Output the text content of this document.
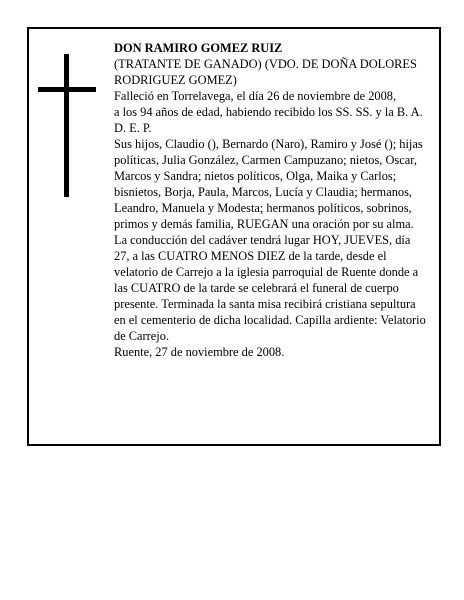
DON RAMIRO GOMEZ RUIZ

(TRATANTE DE GANADO) (VDO. DE DOÑA DOLORES RODRIGUEZ GOMEZ)

Falleció en Torrelavega, el día 26 de noviembre de 2008,

a los 94 años de edad, habiendo recibido los SS. SS. y la B. A.

D. E. P.

Sus hijos, Claudio (), Bernardo (Naro), Ramiro y José (); hijas políticas, Julia González, Carmen Campuzano; nietos, Oscar, Marcos y Sandra; nietos políticos, Olga, Maika y Carlos; bisnietos, Borja, Paula, Marcos, Lucía y Claudia; hermanos, Leandro, Manuela y Modesta; hermanos políticos, sobrinos, primos y demás familia, RUEGAN una oración por su alma. La conducción del cadáver tendrá lugar HOY, JUEVES, día 27, a las CUATRO MENOS DIEZ de la tarde, desde el velatorio de Carrejo a la iglesia parroquial de Ruente donde a las CUATRO de la tarde se celebrará el funeral de cuerpo presente. Terminada la santa misa recibirá cristiana sepultura en el cementerio de dicha localidad. Capilla ardiente: Velatorio de Carrejo.

Ruente, 27 de noviembre de 2008.
